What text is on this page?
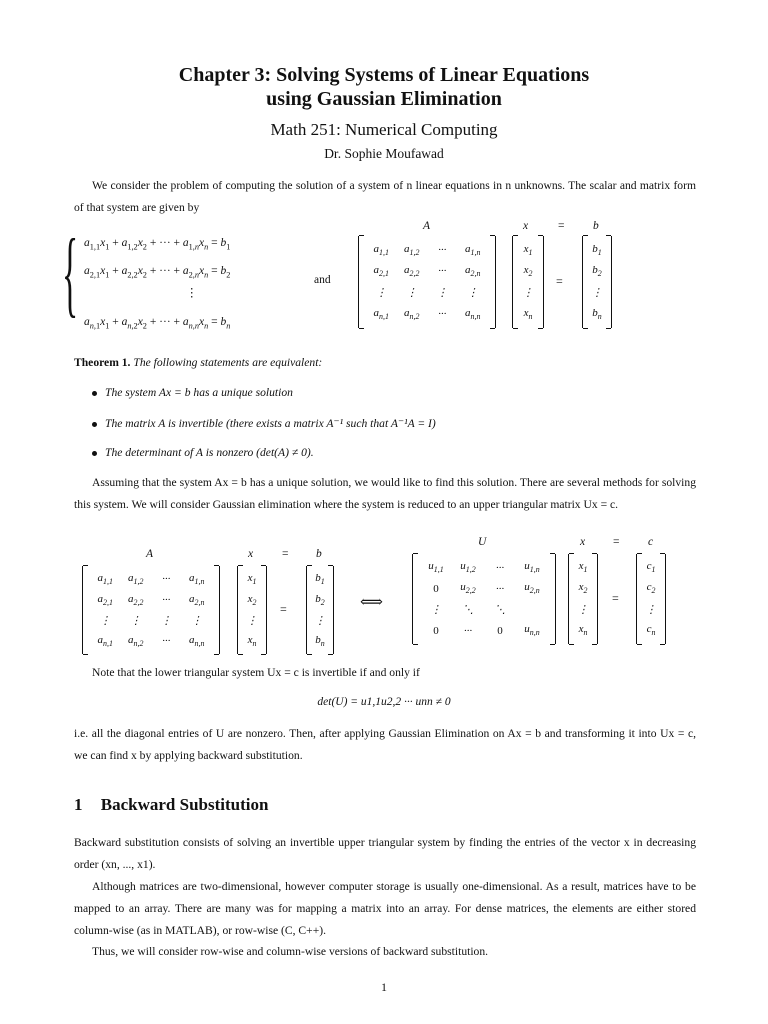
Chapter 3: Solving Systems of Linear Equations
using Gaussian Elimination
Math 251: Numerical Computing
Dr. Sophie Moufawad
We consider the problem of computing the solution of a system of n linear equations in n unknowns. The scalar and matrix form of that system are given by
{ $a_{1,1}x_1 + a_{1,2}x_2$ + ··· + $a_{1,n}x_n = b_1$
$a_{2,1}x_1 + a_{2,2}x_2$ + ··· + $a_{2,n}x_n = b_2$
⋮
$a_{n,1}x_1 + a_{n,2}x_2$ + ··· + $a_{n,n}x_n = b_n$
and
A	x	= b
$a_{1,1}$ $a_{1,2}$ ··· $a_{1,n}$
$a_{2,1}$ $a_{2,2}$ ··· $a_{2,n}$
⋮ ⋮ ⋮ ⋮
$a_{n,1}$ $a_{n,2}$ ··· $a_{n,n}$
$x_1$
$x_2$
⋮
$x_n$
=
$b_1$
$b_2$
⋮
$b_n$
Theorem 1. The following statements are equivalent:
The system Ax = b has a unique solution
The matrix A is invertible (there exists a matrix A⁻¹ such that A⁻¹A = I)
The determinant of A is nonzero (det(A) ≠ 0).
Assuming that the system Ax = b has a unique solution, we would like to find this solution. There are several methods for solving this system. We will consider Gaussian elimination where the system is reduced to an upper triangular matrix Ux = c.
A	x	= b
U	x = c
$a_{1,1}$ $a_{1,2}$ ··· $a_{1,n}$
$a_{2,1}$ $a_{2,2}$ ··· $a_{2,n}$
⋮ ⋮ ⋮ ⋮
$a_{n,1}$ $a_{n,2}$ ··· $a_{n,n}$
$x_1$
$x_2$
⋮
$x_n$
=
$b_1$
$b_2$
⋮
$b_n$
⟺
$u_{1,1}$ $u_{1,2}$ ··· $u_{1,n}$
0 $u_{2,2}$ ··· $u_{2,n}$
⋮ ⋱ ⋱
0 ··· 0 $u_{n,n}$
$x_1$
$x_2$
⋮
$x_n$
=
$c_1$
$c_2$
⋮
$c_n$
Note that the lower triangular system Ux = c is invertible if and only if
det(U) = u1,1u2,2 ··· unn ≠ 0
i.e. all the diagonal entries of U are nonzero. Then, after applying Gaussian Elimination on Ax = b and transforming it into Ux = c, we can find x by applying backward substitution.
1 Backward Substitution
Backward substitution consists of solving an invertible upper triangular system by finding the entries of the vector x in decreasing order (xn, ..., x1).
Although matrices are two-dimensional, however computer storage is usually one-dimensional. As a result, matrices have to be mapped to an array. There are many was for mapping a matrix into an array. For dense matrices, the elements are either stored column-wise (as in MATLAB), or row-wise (C, C++).
Thus, we will consider row-wise and column-wise versions of backward substitution.
1
